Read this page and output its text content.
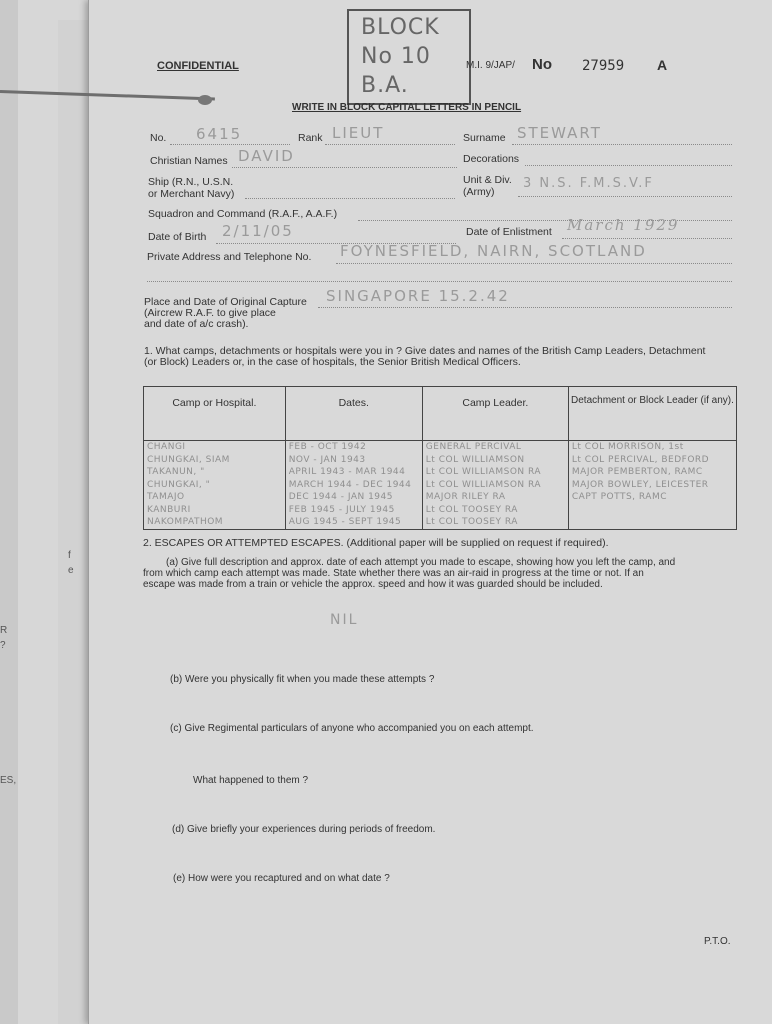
f
e
R
?
ES,
CONFIDENTIAL
BLOCK
No 10
B.A.
M.I. 9/JAP/ No 27959 A
WRITE IN BLOCK CAPITAL LETTERS IN PENCIL
No. 6415	Rank LIEUT	Surname STEWART
Christian Names DAVID	Decorations
Ship (R.N., U.S.N.
or Merchant Navy)
Unit & Div.
(Army)
3 N.S. F.M.S.V.F
Squadron and Command (R.A.F., A.A.F.)
Date of Birth 2/11/05	Date of Enlistment March 1929
Private Address and Telephone No. FOYNESFIELD, NAIRN, SCOTLAND
Place and Date of Original Capture
(Aircrew R.A.F. to give place
and date of a/c crash).
SINGAPORE 15.2.42
1. What camps, detachments or hospitals were you in ? Give dates and names of the British Camp Leaders, Detachment
(or Block) Leaders or, in the case of hospitals, the Senior British Medical Officers.
Camp or Hospital.	Dates.	Camp Leader.	Detachment or Block Leader (if any).
CHANGI	FEB - OCT 1942	GENERAL PERCIVAL	Lt COL MORRISON, 1st
CHUNGKAI, SIAM	NOV - JAN 1943	Lt COL WILLIAMSON	Lt COL PERCIVAL, BEDFORD
TAKANUN, "	APRIL 1943 - MAR 1944	Lt COL WILLIAMSON RA	MAJOR PEMBERTON, RAMC
CHUNGKAI, "	MARCH 1944 - DEC 1944	Lt COL WILLIAMSON RA	MAJOR BOWLEY, LEICESTER
TAMAJO	DEC 1944 - JAN 1945	MAJOR RILEY RA	CAPT POTTS, RAMC
KANBURI	FEB 1945 - JULY 1945	Lt COL TOOSEY RA	
NAKOMPATHOM	AUG 1945 - SEPT 1945	Lt COL TOOSEY RA	
2. ESCAPES OR ATTEMPTED ESCAPES. (Additional paper will be supplied on request if required).
(a) Give full description and approx. date of each attempt you made to escape, showing how you left the camp, and
from which camp each attempt was made. State whether there was an air-raid in progress at the time or not. If an
escape was made from a train or vehicle the approx. speed and how it was guarded should be included.
NIL
(b) Were you physically fit when you made these attempts ?
(c) Give Regimental particulars of anyone who accompanied you on each attempt.
What happened to them ?
(d) Give briefly your experiences during periods of freedom.
(e) How were you recaptured and on what date ?
P.T.O.
